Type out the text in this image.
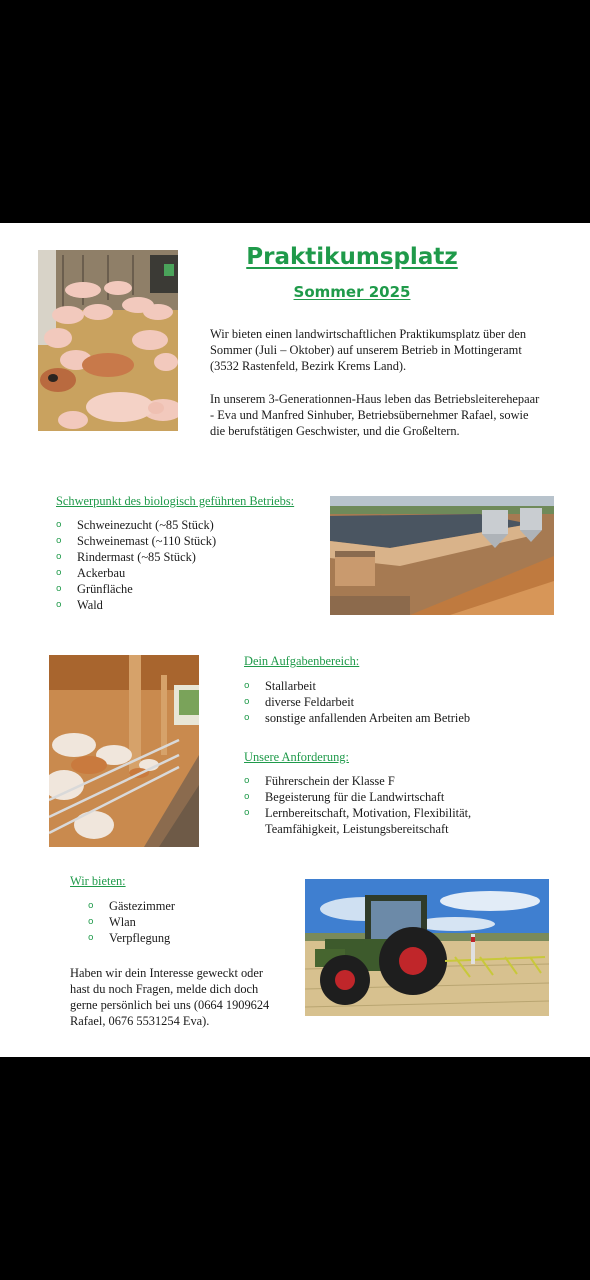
Praktikumsplatz
Sommer 2025

Wir bieten einen landwirtschaftlichen Praktikumsplatz über den Sommer (Juli – Oktober) auf unserem Betrieb in Mottingeramt (3532 Rastenfeld, Bezirk Krems Land).

In unserem 3-Generationnen-Haus leben das Betriebsleiterehepaar - Eva und Manfred Sinhuber, Betriebsübernehmer Rafael, sowie die berufstätigen Geschwister, und die Großeltern.

Schwerpunkt des biologisch geführten Betriebs:

o Schweinezucht (~85 Stück)
o Schweinemast (~110 Stück)
o Rindermast (~85 Stück)
o Ackerbau
o Grünfläche
o Wald

Dein Aufgabenbereich:

o Stallarbeit
o diverse Feldarbeit
o sonstige anfallenden Arbeiten am Betrieb

Unsere Anforderung:

o Führerschein der Klasse F
o Begeisterung für die Landwirtschaft
o Lernbereitschaft, Motivation, Flexibilität, Teamfähigkeit, Leistungsbereitschaft

Wir bieten:

o Gästezimmer
o Wlan
o Verpflegung

Haben wir dein Interesse geweckt oder hast du noch Fragen, melde dich doch gerne persönlich bei uns (0664 1909624 Rafael, 0676 5531254 Eva).
